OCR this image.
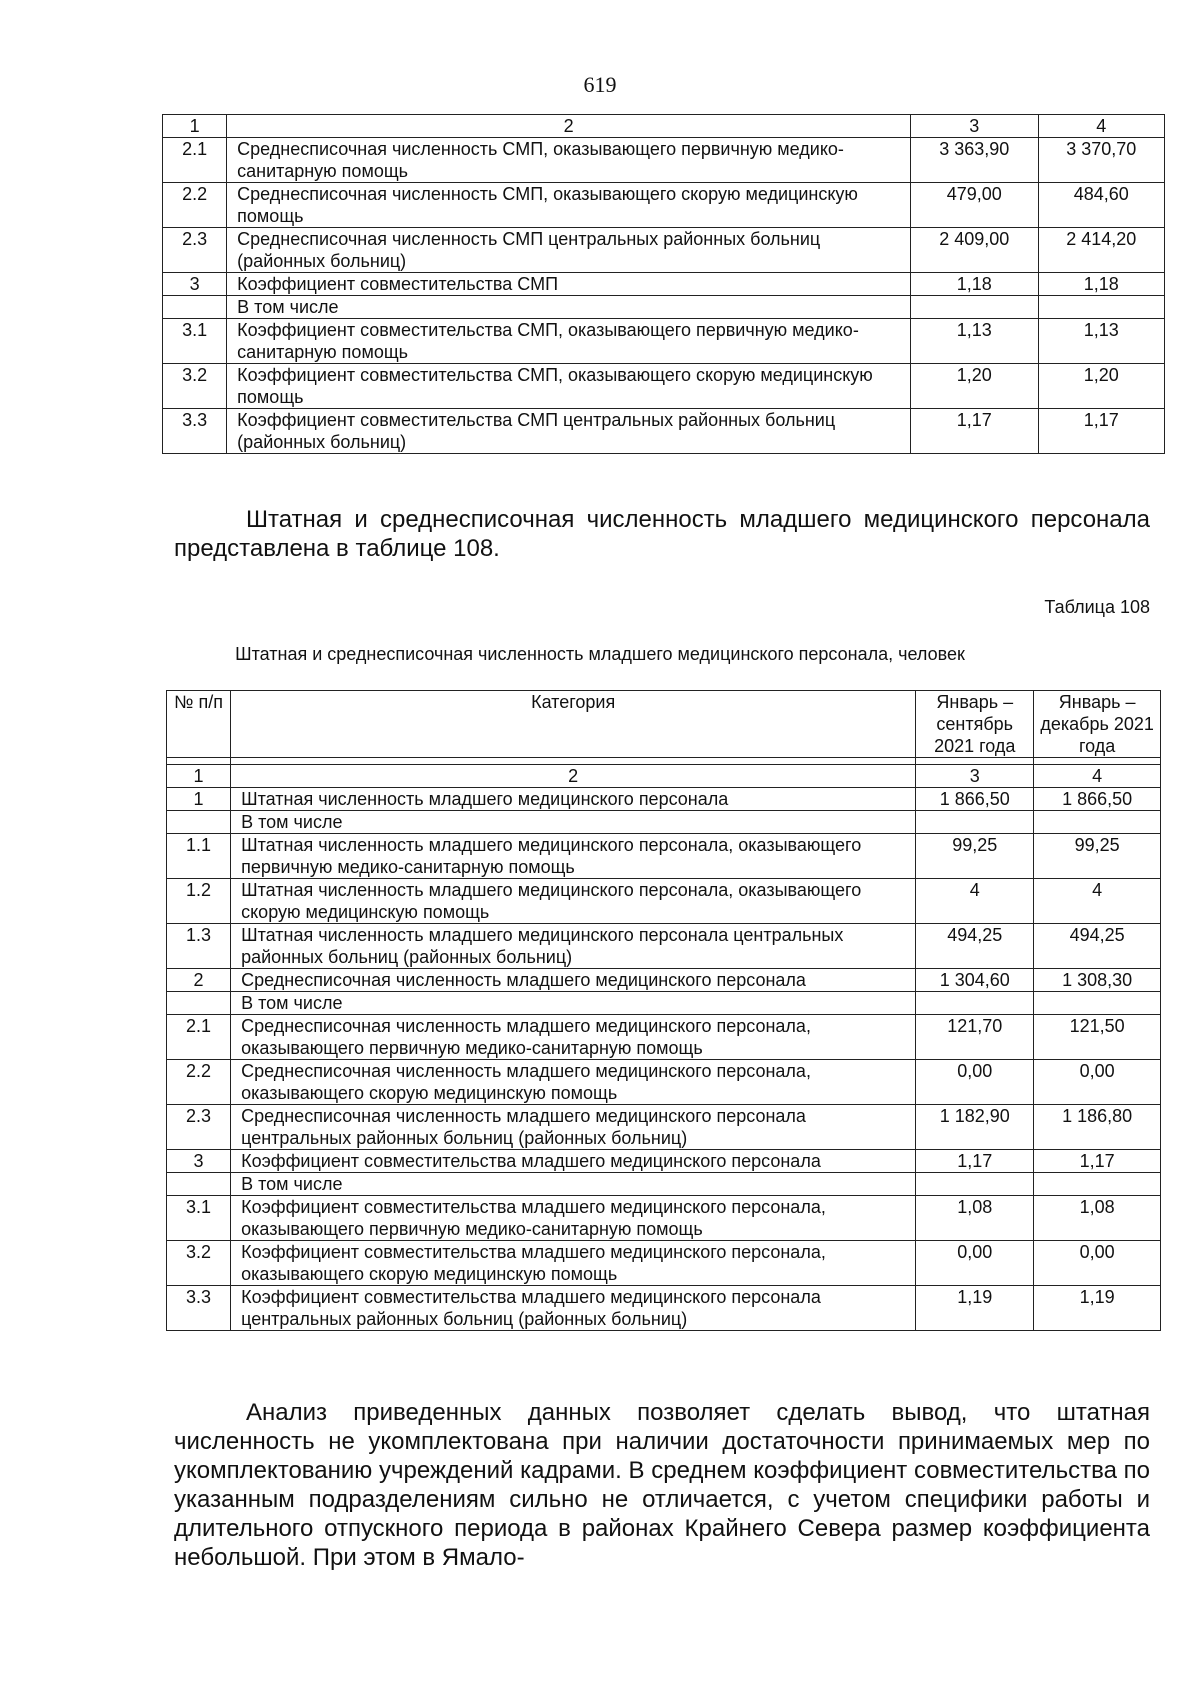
619
1	2	3	4
2.1	Среднесписочная численность СМП, оказывающего первичную медико-санитарную помощь	3 363,90	3 370,70
2.2	Среднесписочная численность СМП, оказывающего скорую медицинскую помощь	479,00	484,60
2.3	Среднесписочная численность СМП центральных районных больниц (районных больниц)	2 409,00	2 414,20
3	Коэффициент совместительства СМП	1,18	1,18
	В том числе		
3.1	Коэффициент совместительства СМП, оказывающего первичную медико-санитарную помощь	1,13	1,13
3.2	Коэффициент совместительства СМП, оказывающего скорую медицинскую помощь	1,20	1,20
3.3	Коэффициент совместительства СМП центральных районных больниц (районных больниц)	1,17	1,17
Штатная и среднесписочная численность младшего медицинского персонала представлена в таблице 108.
Таблица 108
Штатная и среднесписочная численность младшего медицинского персонала, человек
№ п/п	Категория	Январь – сентябрь 2021 года	Январь – декабрь 2021 года

1	2	3	4
1	Штатная численность младшего медицинского персонала	1 866,50	1 866,50
	В том числе		
1.1	Штатная численность младшего медицинского персонала, оказывающего первичную медико-санитарную помощь	99,25	99,25
1.2	Штатная численность младшего медицинского персонала, оказывающего скорую медицинскую помощь	4	4
1.3	Штатная численность младшего медицинского персонала центральных районных больниц (районных больниц)	494,25	494,25
2	Среднесписочная численность младшего медицинского персонала	1 304,60	1 308,30
	В том числе		
2.1	Среднесписочная численность младшего медицинского персонала, оказывающего первичную медико-санитарную помощь	121,70	121,50
2.2	Среднесписочная численность младшего медицинского персонала, оказывающего скорую медицинскую помощь	0,00	0,00
2.3	Среднесписочная численность младшего медицинского персонала центральных районных больниц (районных больниц)	1 182,90	1 186,80
3	Коэффициент совместительства младшего медицинского персонала	1,17	1,17
	В том числе		
3.1	Коэффициент совместительства младшего медицинского персонала, оказывающего первичную медико-санитарную помощь	1,08	1,08
3.2	Коэффициент совместительства младшего медицинского персонала, оказывающего скорую медицинскую помощь	0,00	0,00
3.3	Коэффициент совместительства младшего медицинского персонала центральных районных больниц (районных больниц)	1,19	1,19
Анализ приведенных данных позволяет сделать вывод, что штатная численность не укомплектована при наличии достаточности принимаемых мер по укомплектованию учреждений кадрами. В среднем коэффициент совместительства по указанным подразделениям сильно не отличается, с учетом специфики работы и длительного отпускного периода в районах Крайнего Севера размер коэффициента небольшой. При этом в Ямало-
